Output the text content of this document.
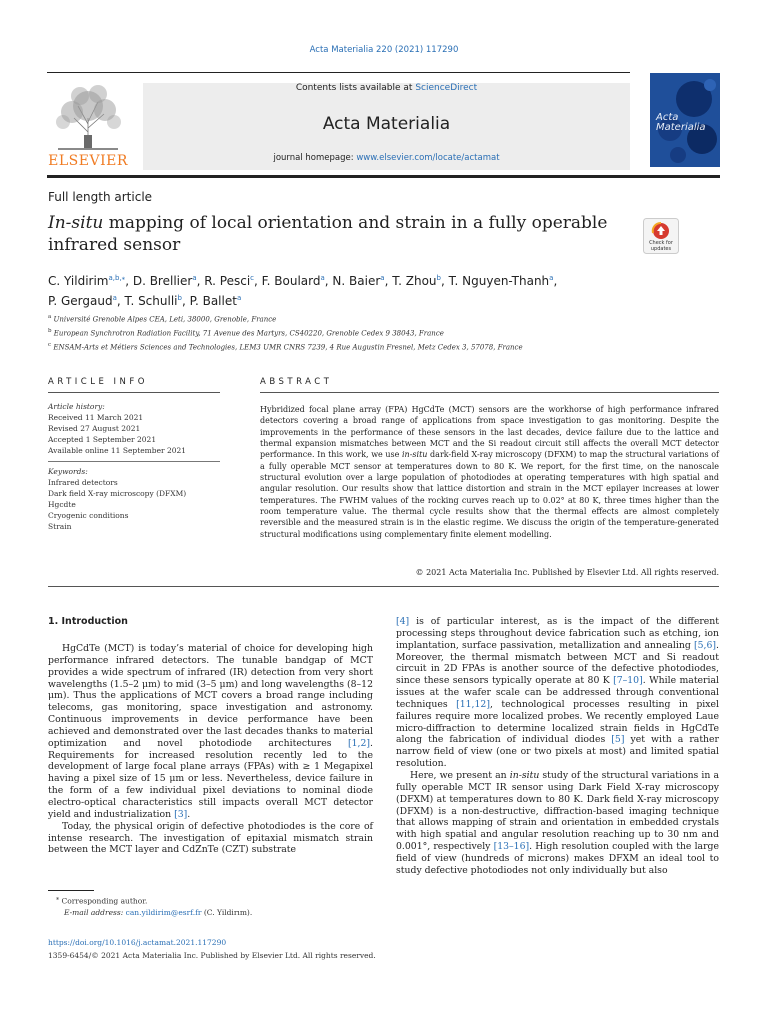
Acta Materialia 220 (2021) 117290
ELSEVIER
Contents lists available at ScienceDirect
Acta Materialia
journal homepage: www.elsevier.com/locate/actamat
Acta
Materialia
Full length article
In-situ mapping of local orientation and strain in a fully operable infrared sensor	Check for
updates
C. Yildirim$^{a,b,⁎}$, D. Brellier$^a$, R. Pesci$^c$, F. Boulard$^a$, N. Baier$^a$, T. Zhou$^b$, T. Nguyen-Thanh$^a$,
P. Gergaud$^a$, T. Schulli$^b$, P. Ballet$^a$
$^a$ Université Grenoble Alpes CEA, Leti, 38000, Grenoble, France
$^b$ European Synchrotron Radiation Facility, 71 Avenue des Martyrs, CS40220, Grenoble Cedex 9 38043, France
$^c$ ENSAM-Arts et Métiers Sciences and Technologies, LEM3 UMR CNRS 7239, 4 Rue Augustin Fresnel, Metz Cedex 3, 57078, France
ARTICLE INFO	ABSTRACT
Article history:
Received 11 March 2021
Revised 27 August 2021
Accepted 1 September 2021
Available online 11 September 2021
Keywords:
Infrared detectors
Dark field X-ray microscopy (DFXM)
Hgcdte
Cryogenic conditions
Strain
Hybridized focal plane array (FPA) HgCdTe (MCT) sensors are the workhorse of high performance infrared detectors covering a broad range of applications from space investigation to gas monitoring. Despite the improvements in the performance of these sensors in the last decades, device failure due to the lattice and thermal expansion mismatches between MCT and the Si readout circuit still affects the overall MCT detector performance. In this work, we use in-situ dark-field X-ray microscopy (DFXM) to map the structural variations of a fully operable MCT sensor at temperatures down to 80 K. We report, for the first time, on the nanoscale structural evolution over a large population of photodiodes at operating temperatures with high spatial and angular resolution. Our results show that lattice distortion and strain in the MCT epilayer increases at lower temperatures. The FWHM values of the rocking curves reach up to 0.02° at 80 K, three times higher than the room temperature value. The thermal cycle results show that the thermal effects are almost completely reversible and the measured strain is in the elastic regime. We discuss the origin of the temperature-generated structural modifications using complementary finite element modelling.
© 2021 Acta Materialia Inc. Published by Elsevier Ltd. All rights reserved.
1. Introduction

HgCdTe (MCT) is today’s material of choice for developing high performance infrared detectors. The tunable bandgap of MCT provides a wide spectrum of infrared (IR) detection from very short wavelengths (1.5–2 μm) to mid (3–5 μm) and long wavelengths (8–12 μm). Thus the applications of MCT covers a broad range including telecoms, gas monitoring, space investigation and astronomy. Continuous improvements in device performance have been achieved and demonstrated over the last decades thanks to material optimization and novel photodiode architectures [1,2]. Requirements for increased resolution recently led to the development of large focal plane arrays (FPAs) with ≥ 1 Megapixel having a pixel size of 15 μm or less. Nevertheless, device failure in the form of a few individual pixel deviations to nominal diode electro-optical characteristics still impacts overall MCT detector yield and industrialization [3].

Today, the physical origin of defective photodiodes is the core of intense research. The investigation of epitaxial mismatch strain between the MCT layer and CdZnTe (CZT) substrate

[4] is of particular interest, as is the impact of the different processing steps throughout device fabrication such as etching, ion implantation, surface passivation, metallization and annealing [5,6]. Moreover, the thermal mismatch between MCT and Si readout circuit in 2D FPAs is another source of the defective photodiodes, since these sensors typically operate at 80 K [7–10]. While material issues at the wafer scale can be addressed through conventional techniques [11,12], technological processes resulting in pixel failures require more localized probes. We recently employed Laue micro-diffraction to determine localized strain fields in HgCdTe along the fabrication of individual diodes [5] yet with a rather narrow field of view (one or two pixels at most) and limited spatial resolution.

Here, we present an in-situ study of the structural variations in a fully operable MCT IR sensor using Dark Field X-ray microscopy (DFXM) at temperatures down to 80 K. Dark field X-ray microscopy (DFXM) is a non-destructive, diffraction-based imaging technique that allows mapping of strain and orientation in embedded crystals with high spatial and angular resolution reaching up to 30 nm and 0.001°, respectively [13–16]. High resolution coupled with the large field of view (hundreds of microns) makes DFXM an ideal tool to study defective photodiodes not only individually but also

⁎ Corresponding author.
E-mail address: can.yildirim@esrf.fr (C. Yildirım).
https://doi.org/10.1016/j.actamat.2021.117290
1359-6454/© 2021 Acta Materialia Inc. Published by Elsevier Ltd. All rights reserved.
